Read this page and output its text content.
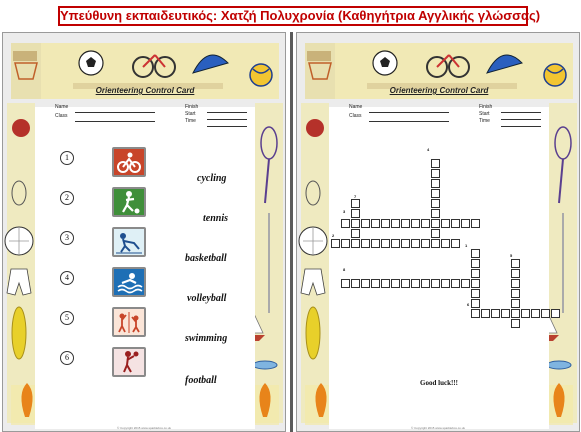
Υπεύθυνη εκπαιδευτικός: Χατζή Πολυχρονία (Καθηγήτρια Αγγλικής γλώσσας)
Orienteering Control Card
Name
Class
Finish
Start
Time
1
cycling
2
tennis
3
basketball
4
volleyball
5
swimming
6
football
© Copyright 2015 www.sparklebox.co.uk
Orienteering Control Card
Name
Class
Finish
Start
Time
4
7
3
2
1
5
8
6
Good luck!!!
© Copyright 2015 www.sparklebox.co.uk
